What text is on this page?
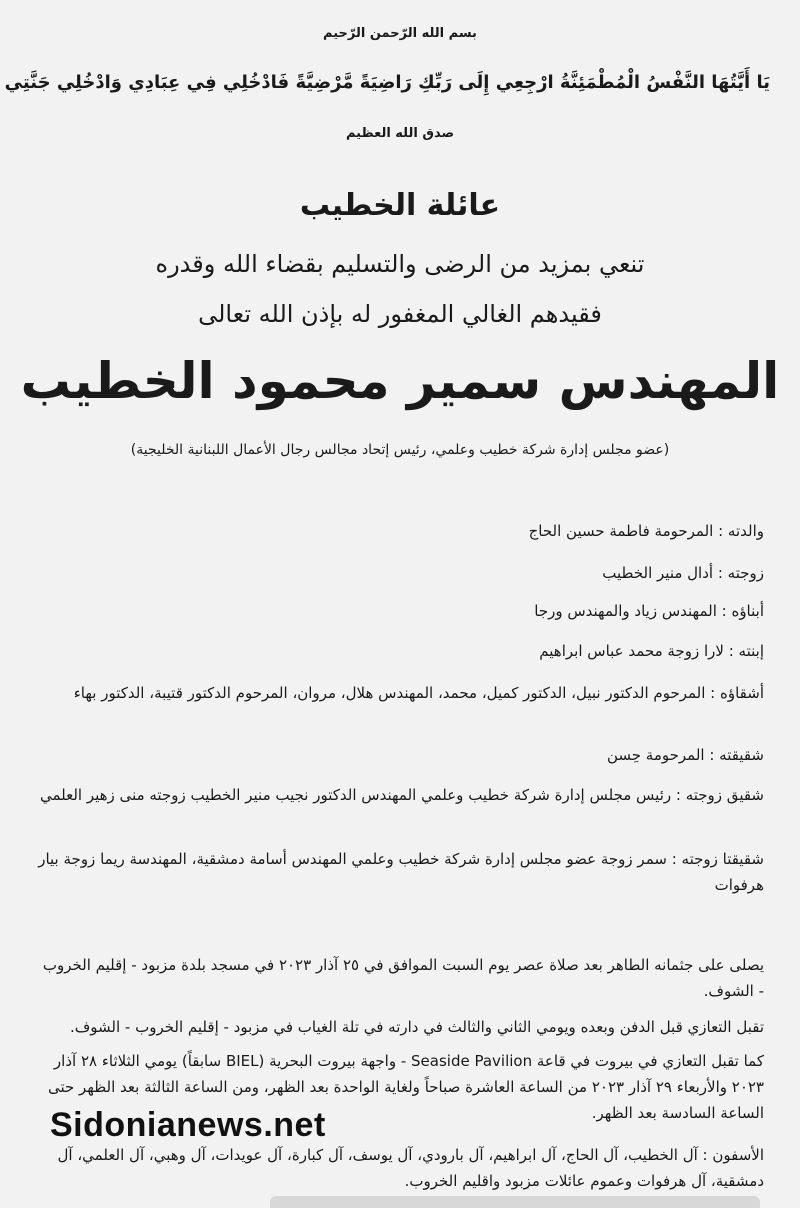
بسم الله الرّحمن الرّحيم
يَا أَيَّتُهَا النَّفْسُ الْمُطْمَئِنَّةُ ارْجِعِي إِلَى رَبِّكِ رَاضِيَةً مَّرْضِيَّةً فَادْخُلِي فِي عِبَادِي وَادْخُلِي جَنَّتِي
صدق الله العظيم
عائلة الخطيب
تنعي بمزيد من الرضى والتسليم بقضاء الله وقدره
فقيدهم الغالي المغفور له بإذن الله تعالى
المهندس سمير محمود الخطيب
(عضو مجلس إدارة شركة خطيب وعلمي، رئيس إتحاد مجالس رجال الأعمال اللبنانية الخليجية)
والدته : المرحومة فاطمة حسين الحاج
زوجته : أدال منير الخطيب
أبناؤه : المهندس زياد والمهندس ورجا
إبنته : لارا زوجة محمد عباس ابراهيم
أشقاؤه : المرحوم الدكتور نبيل، الدكتور كميل، محمد، المهندس هلال، مروان، المرحوم الدكتور قتيبة، الدكتور بهاء
شقيقته : المرحومة حِسن
شقيق زوجته : رئيس مجلس إدارة شركة خطيب وعلمي المهندس الدكتور نجيب منير الخطيب زوجته منى زهير العلمي
شقيقتا زوجته : سمر زوجة عضو مجلس إدارة شركة خطيب وعلمي المهندس أسامة دمشقية، المهندسة ريما زوجة بيار هرفوات
يصلى على جثمانه الطاهر بعد صلاة عصر يوم السبت الموافق في ٢٥ آذار ٢٠٢٣ في مسجد بلدة مزبود - إقليم الخروب - الشوف.
تقبل التعازي قبل الدفن وبعده ويومي الثاني والثالث في دارته في تلة الغياب في مزبود - إقليم الخروب - الشوف.
كما تقبل التعازي في بيروت في قاعة Seaside Pavilion - واجهة بيروت البحرية (BIEL سابقاً) يومي الثلاثاء ٢٨ آذار ٢٠٢٣ والأربعاء ٢٩ آذار ٢٠٢٣ من الساعة العاشرة صباحاً ولغاية الواحدة بعد الظهر، ومن الساعة الثالثة بعد الظهر حتى الساعة السادسة بعد الظهر.
الأسفون : آل الخطيب، آل الحاج، آل ابراهيم، آل بارودي، آل يوسف، آل كبارة، آل عويدات، آل وهبي، آل العلمي، آل دمشقية، آل هرفوات وعموم عائلات مزبود واقليم الخروب.
Sidonianews.net
